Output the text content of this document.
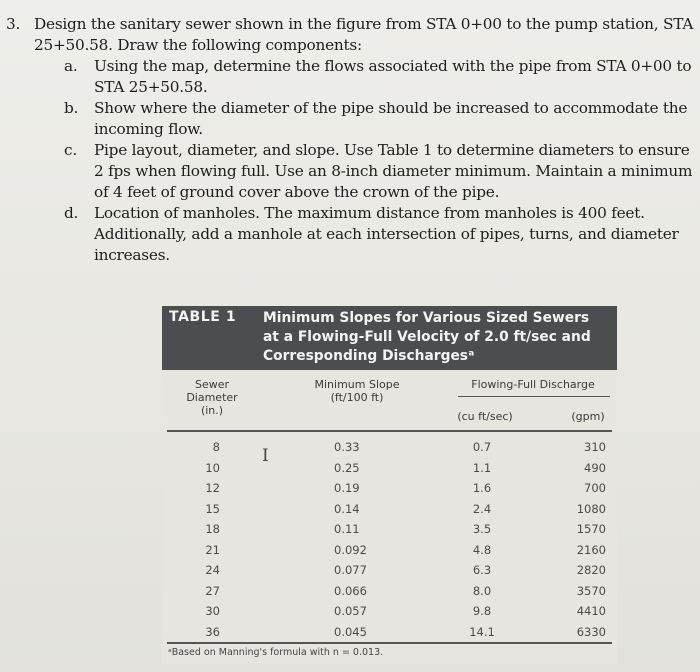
3. Design the sanitary sewer shown in the figure from STA 0+00 to the pump station, STA 25+50.58. Draw the following components:
a.	Using the map, determine the flows associated with the pipe from STA 0+00 to STA 25+50.58.
b.	Show where the diameter of the pipe should be increased to accommodate the incoming flow.
c.	Pipe layout, diameter, and slope. Use Table 1 to determine diameters to ensure 2 fps when flowing full. Use an 8-inch diameter minimum. Maintain a minimum of 4 feet of ground cover above the crown of the pipe.
d.	Location of manholes. The maximum distance from manholes is 400 feet. Additionally, add a manhole at each intersection of pipes, turns, and diameter increases.
TABLE 1 Minimum Slopes for Various Sized Sewers at a Flowing-Full Velocity of 2.0 ft/sec and Corresponding Dischargesᵃ
Sewer Diameter (in.)
Minimum Slope (ft/100 ft)
Flowing-Full Discharge
(cu ft/sec)	(gpm)
I
8	0.33	0.7	310
10	0.25	1.1	490
12	0.19	1.6	700
15	0.14	2.4	1080
18	0.11	3.5	1570
21	0.092	4.8	2160
24	0.077	6.3	2820
27	0.066	8.0	3570
30	0.057	9.8	4410
36	0.045	14.1	6330
ᵃBased on Manning's formula with n = 0.013.
